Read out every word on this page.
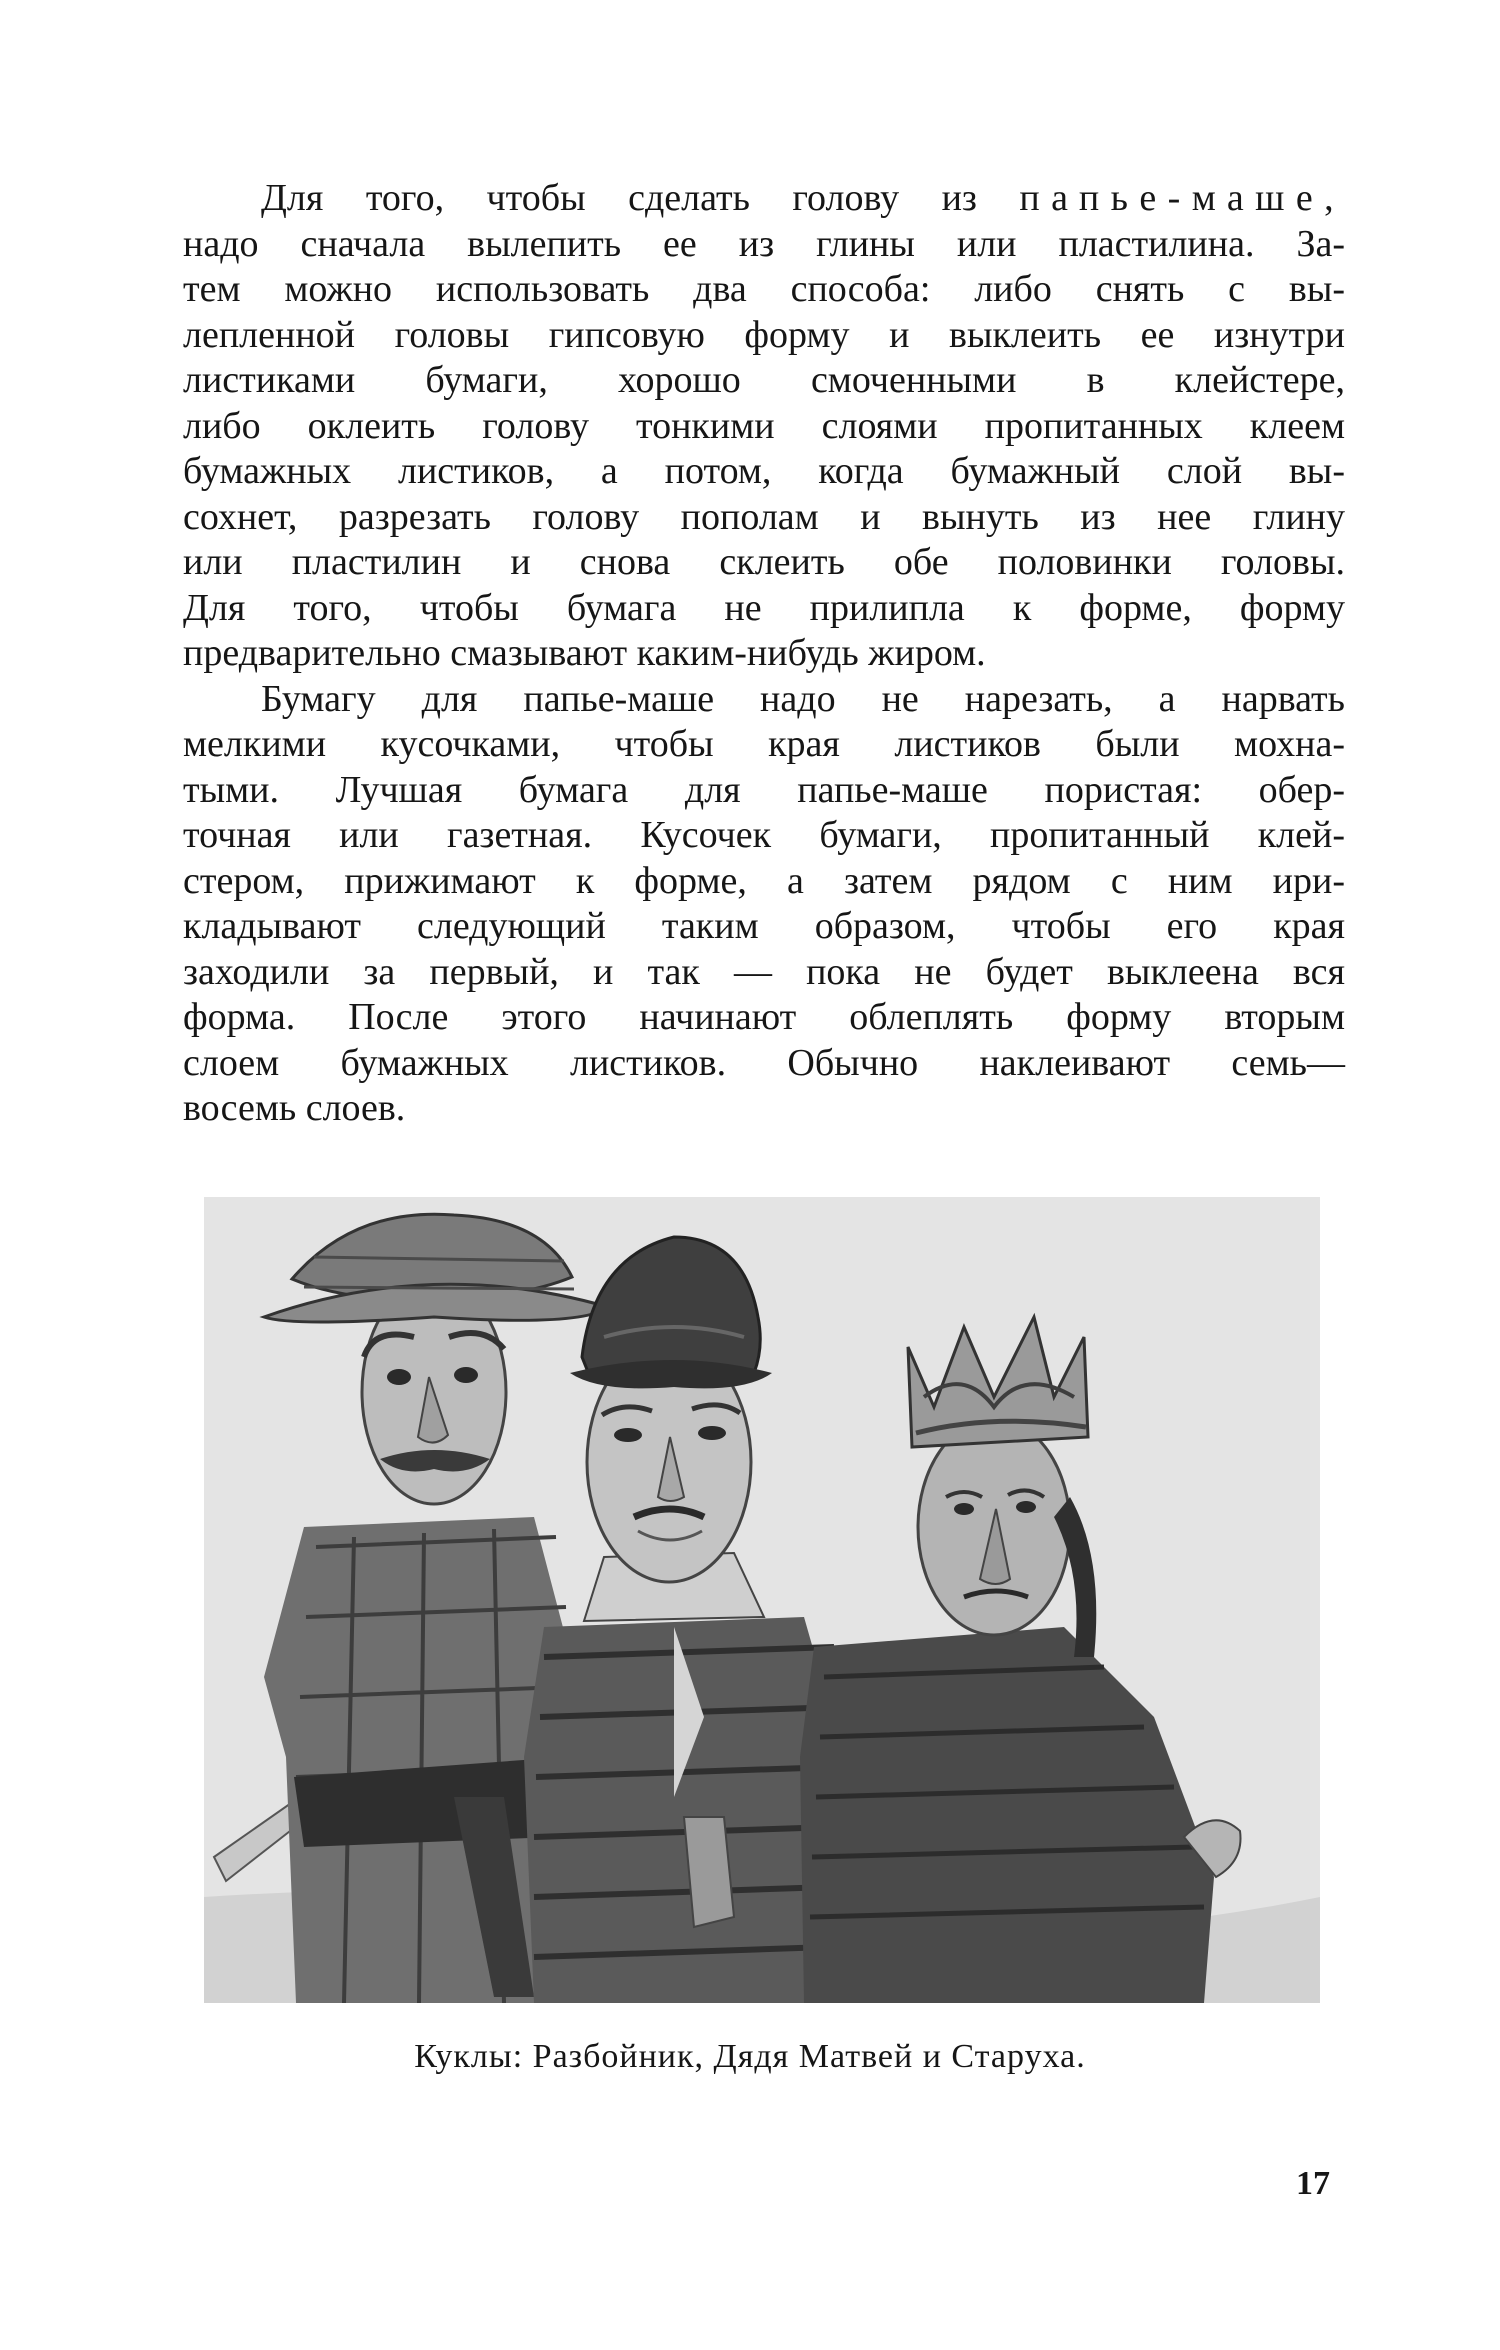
Для того, чтобы сделать голову из папье-маше,
надо сначала вылепить ее из глины или пластилина. За-
тем можно использовать два способа: либо снять с вы-
лепленной головы гипсовую форму и выклеить ее изнутри
листиками бумаги, хорошо смоченными в клейстере,
либо оклеить голову тонкими слоями пропитанных клеем
бумажных листиков, а потом, когда бумажный слой вы-
сохнет, разрезать голову пополам и вынуть из нее глину
или пластилин и снова склеить обе половинки головы.
Для того, чтобы бумага не прилипла к форме, форму
предварительно смазывают каким-нибудь жиром.

Бумагу для папье-маше надо не нарезать, а нарвать
мелкими кусочками, чтобы края листиков были мохна-
тыми. Лучшая бумага для папье-маше пористая: обер-
точная или газетная. Кусочек бумаги, пропитанный клей-
стером, прижимают к форме, а затем рядом с ним ири-
кладывают следующий таким образом, чтобы его края
заходили за первый, и так — пока не будет выклеена вся
форма. После этого начинают облеплять форму вторым
слоем бумажных листиков. Обычно наклеивают семь—
восемь слоев.

Куклы: Разбойник, Дядя Матвей и Старуха.
17
